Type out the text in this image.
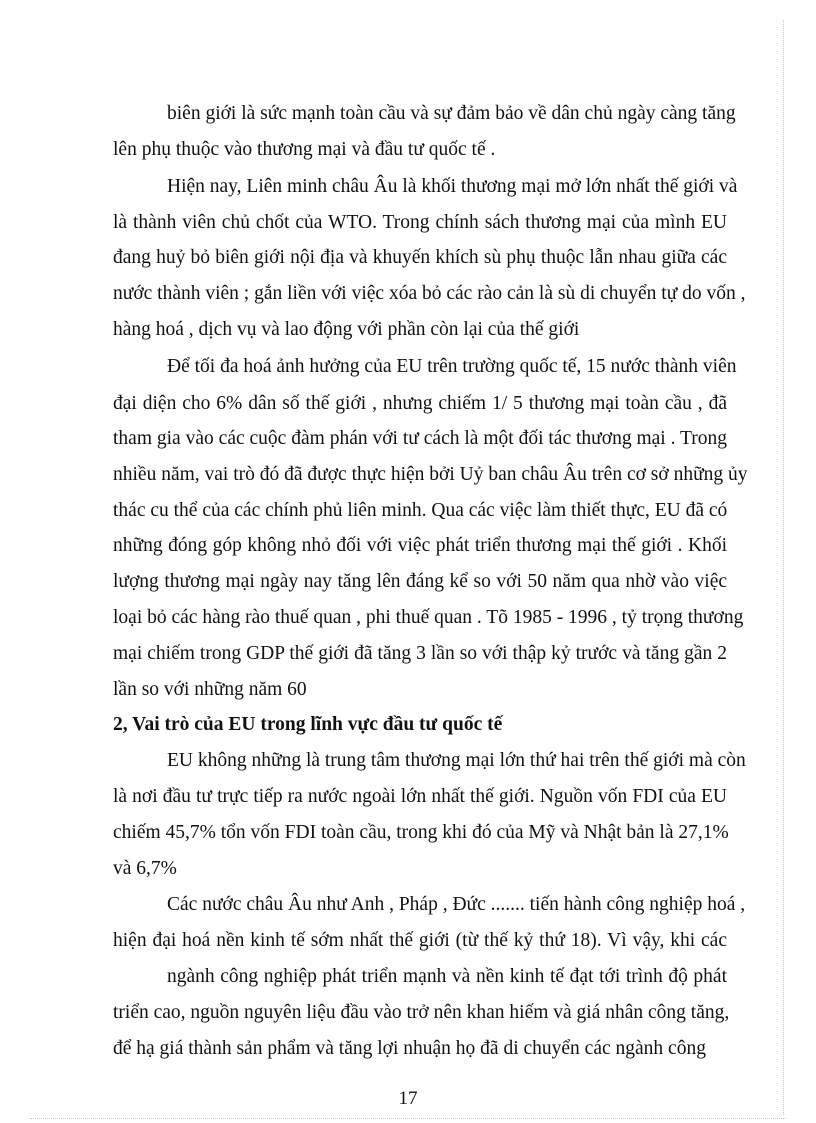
biên giới là sức mạnh toàn cầu và sự đảm bảo về dân chủ ngày càng tăng
lên phụ thuộc vào thương mại và đầu tư quốc tế .
Hiện nay, Liên minh châu Âu là khối thương mại mở lớn nhất thế giới và
là thành viên chủ chốt của WTO. Trong chính sách thương mại của mình EU
đang huỷ bỏ biên giới nội địa và khuyến khích sù phụ thuộc lẫn nhau giữa các
nước thành viên ; gắn liền với việc xóa bỏ các rào cản là sù di chuyển tự do vốn ,
hàng hoá , dịch vụ và lao động với phần còn lại của thế giới
Để tối đa hoá ảnh hưởng của EU trên trường quốc tế, 15 nước thành viên
đại diện cho 6% dân số thế giới , nhưng chiếm 1/ 5 thương mại toàn cầu , đã
tham gia vào các cuộc đàm phán với tư cách là một đối tác thương mại . Trong
nhiều năm, vai trò đó đã được thực hiện bởi Uỷ ban châu Âu trên cơ sở những ủy
thác cu thể của các chính phủ liên minh. Qua các việc làm thiết thực, EU đã có
những đóng góp không nhỏ đối với việc phát triển thương mại thế giới . Khối
lượng thương mại ngày nay tăng lên đáng kể so với 50 năm qua nhờ vào việc
loại bỏ các hàng rào thuế quan , phi thuế quan . Tõ 1985 - 1996 , tỷ trọng thương
mại chiếm trong GDP thế giới đã tăng 3 lần so với thập kỷ trước và tăng gần 2
lần so với những năm 60
2, Vai trò của EU trong lĩnh vực đầu tư quốc tế
EU không những là trung tâm thương mại lớn thứ hai trên thế giới mà còn
là nơi đầu tư trực tiếp ra nước ngoài lớn nhất thế giới. Nguồn vốn FDI của EU
chiếm 45,7% tổn vốn FDI toàn cầu, trong khi đó của Mỹ và Nhật bản là 27,1%
và 6,7%
Các nước châu Âu như Anh , Pháp , Đức ....... tiến hành công nghiệp hoá ,
hiện đại hoá nền kinh tế sớm nhất thế giới (từ thế kỷ thứ 18). Vì vậy, khi các
ngành công nghiệp phát triển mạnh và nền kinh tế đạt tới trình độ phát
triển cao, nguồn nguyên liệu đầu vào trở nên khan hiếm và giá nhân công tăng,
để hạ giá thành sản phẩm và tăng lợi nhuận họ đã di chuyển các ngành công
17
